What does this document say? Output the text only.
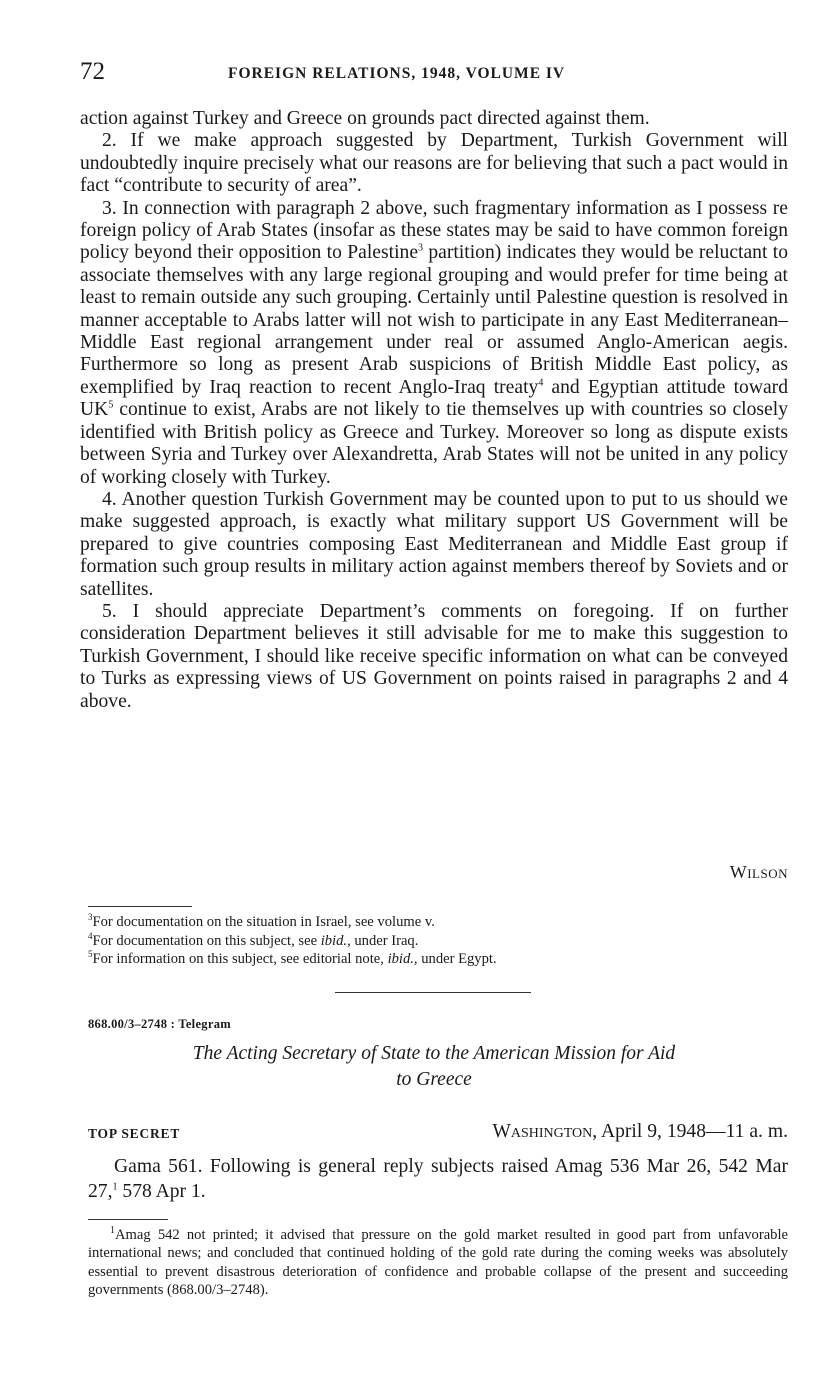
72	FOREIGN RELATIONS, 1948, VOLUME IV

action against Turkey and Greece on grounds pact directed against them.

2. If we make approach suggested by Department, Turkish Government will undoubtedly inquire precisely what our reasons are for believing that such a pact would in fact “contribute to security of area”.

3. In connection with paragraph 2 above, such fragmentary information as I possess re foreign policy of Arab States (insofar as these states may be said to have common foreign policy beyond their opposition to Palestine$^3$ partition) indicates they would be reluctant to associate themselves with any large regional grouping and would prefer for time being at least to remain outside any such grouping. Certainly until Palestine question is resolved in manner acceptable to Arabs latter will not wish to participate in any East Mediterranean–Middle East regional arrangement under real or assumed Anglo-American aegis. Furthermore so long as present Arab suspicions of British Middle East policy, as exemplified by Iraq reaction to recent Anglo-Iraq treaty$^4$ and Egyptian attitude toward $UK^5$ continue to exist, Arabs are not likely to tie themselves up with countries so closely identified with British policy as Greece and Turkey. Moreover so long as dispute exists between Syria and Turkey over Alexandretta, Arab States will not be united in any policy of working closely with Turkey.

4. Another question Turkish Government may be counted upon to put to us should we make suggested approach, is exactly what military support US Government will be prepared to give countries composing East Mediterranean and Middle East group if formation such group results in military action against members thereof by Soviets and or satellites.

5. I should appreciate Department’s comments on foregoing. If on further consideration Department believes it still advisable for me to make this suggestion to Turkish Government, I should like receive specific information on what can be conveyed to Turks as expressing views of US Government on points raised in paragraphs 2 and 4 above.

Wilson
$^3$For documentation on the situation in Israel, see volume v.
$^4$For documentation on this subject, see ibid., under Iraq.
$^5$For information on this subject, see editorial note, ibid., under Egypt.
868.00/3–2748 : Telegram
The Acting Secretary of State to the American Mission for Aid
to Greece
TOP SECRET	Washington, April 9, 1948—11 a. m.
Gama 561. Following is general reply subjects raised Amag 536 Mar 26, 542 Mar 27,$^1$ 578 Apr 1.
$^1$Amag 542 not printed; it advised that pressure on the gold market resulted in good part from unfavorable international news; and concluded that continued holding of the gold rate during the coming weeks was absolutely essential to prevent disastrous deterioration of confidence and probable collapse of the present and succeeding governments (868.00/3–2748).
